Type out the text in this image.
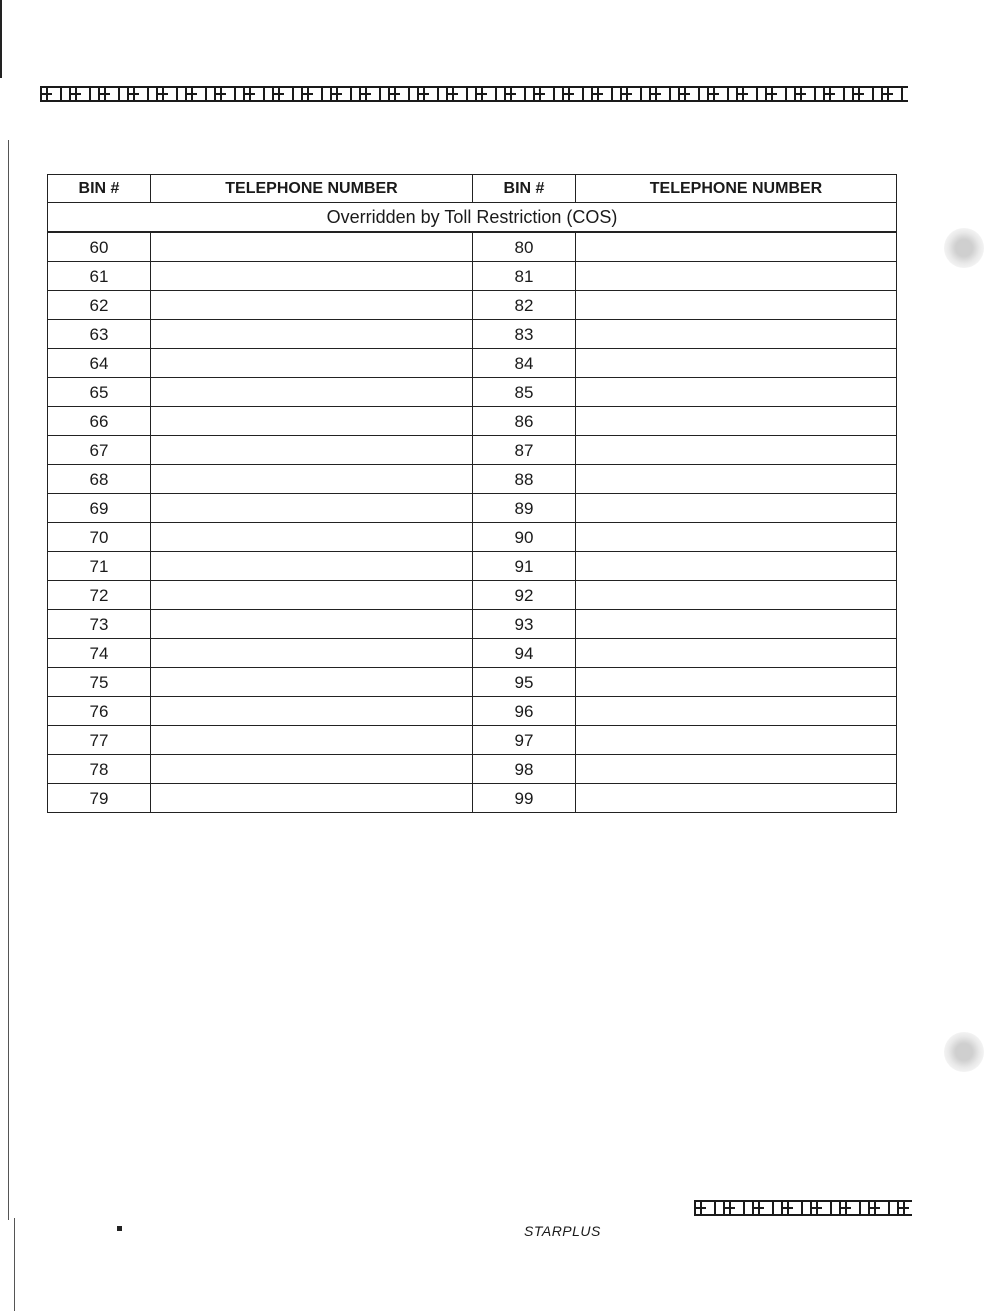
BIN #	TELEPHONE NUMBER	BIN #	TELEPHONE NUMBER
Overridden by Toll Restriction (COS)			
60		80	
61		81	
62		82	
63		83	
64		84	
65		85	
66		86	
67		87	
68		88	
69		89	
70		90	
71		91	
72		92	
73		93	
74		94	
75		95	
76		96	
77		97	
78		98	
79		99	
STARPLUS
